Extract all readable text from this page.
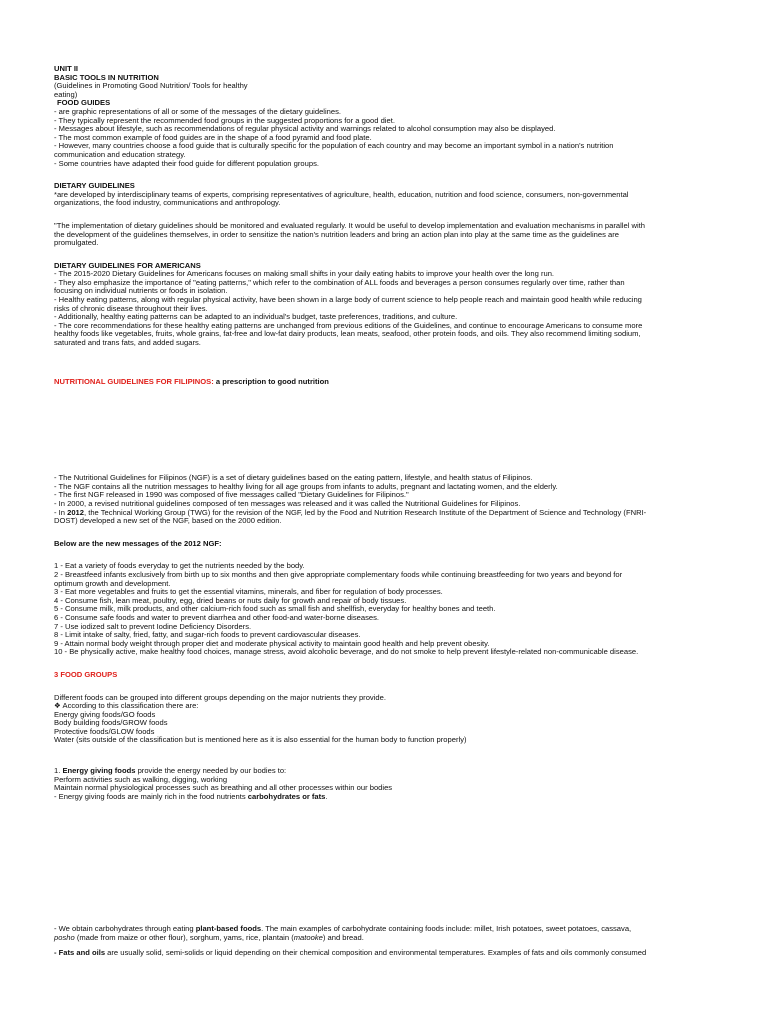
UNIT II
BASIC TOOLS IN NUTRITION
(Guidelines in Promoting Good Nutrition/ Tools for healthy
eating)
FOOD GUIDES
- are graphic representations of all or some of the messages of the dietary guidelines.
- They typically represent the recommended food groups in the suggested proportions for a good diet.
- Messages about lifestyle, such as recommendations of regular physical activity and warnings related to alcohol consumption may also be displayed.
- The most common example of food guides are in the shape of a food pyramid and food plate.
- However, many countries choose a food guide that is culturally specific for the population of each country and may become an important symbol in a nation's nutrition
communication and education strategy.
- Some countries have adapted their food guide for different population groups.
DIETARY GUIDELINES
*are developed by interdisciplinary teams of experts, comprising representatives of agriculture, health, education, nutrition and food science, consumers, non-governmental
organizations, the food industry, communications and anthropology.
"The implementation of dietary guidelines should be monitored and evaluated regularly. It would be useful to develop implementation and evaluation mechanisms in parallel with
the development of the guidelines themselves, in order to sensitize the nation's nutrition leaders and bring an action plan into play at the same time as the guidelines are
promulgated.
DIETARY GUIDELINES FOR AMERICANS
- The 2015-2020 Dietary Guidelines for Americans focuses on making small shifts in your daily eating habits to improve your health over the long run.
- They also emphasize the importance of "eating patterns," which refer to the combination of ALL foods and beverages a person consumes regularly over time, rather than
focusing on individual nutrients or foods in isolation.
- Healthy eating patterns, along with regular physical activity, have been shown in a large body of current science to help people reach and maintain good health while reducing
risks of chronic disease throughout their lives.
- Additionally, healthy eating patterns can be adapted to an individual's budget, taste preferences, traditions, and culture.
- The core recommendations for these healthy eating patterns are unchanged from previous editions of the Guidelines, and continue to encourage Americans to consume more
healthy foods like vegetables, fruits, whole grains, fat-free and low-fat dairy products, lean meats, seafood, other protein foods, and oils. They also recommend limiting sodium,
saturated and trans fats, and added sugars.
NUTRITIONAL GUIDELINES FOR FILIPINOS: a prescription to good nutrition
- The Nutritional Guidelines for Filipinos (NGF) is a set of dietary guidelines based on the eating pattern, lifestyle, and health status of Filipinos.
- The NGF contains all the nutrition messages to healthy living for all age groups from infants to adults, pregnant and lactating women, and the elderly.
- The first NGF released in 1990 was composed of five messages called "Dietary Guidelines for Filipinos."
- In 2000, a revised nutritional guidelines composed of ten messages was released and it was called the Nutritional Guidelines for Filipinos.
- In 2012, the Technical Working Group (TWG) for the revision of the NGF, led by the Food and Nutrition Research Institute of the Department of Science and Technology (FNRI-
DOST) developed a new set of the NGF, based on the 2000 edition.
Below are the new messages of the 2012 NGF:
1 - Eat a variety of foods everyday to get the nutrients needed by the body.
2 - Breastfeed infants exclusively from birth up to six months and then give appropriate complementary foods while continuing breastfeeding for two years and beyond for
optimum growth and development.
3 - Eat more vegetables and fruits to get the essential vitamins, minerals, and fiber for regulation of body processes.
4 - Consume fish, lean meat, poultry, egg, dried beans or nuts daily for growth and repair of body tissues.
5 - Consume milk, milk products, and other calcium-rich food such as small fish and shellfish, everyday for healthy bones and teeth.
6 - Consume safe foods and water to prevent diarrhea and other food-and water-borne diseases.
7 - Use iodized salt to prevent Iodine Deficiency Disorders.
8 - Limit intake of salty, fried, fatty, and sugar-rich foods to prevent cardiovascular diseases.
9 - Attain normal body weight through proper diet and moderate physical activity to maintain good health and help prevent obesity.
10 - Be physically active, make healthy food choices, manage stress, avoid alcoholic beverage, and do not smoke to help prevent lifestyle-related non-communicable disease.
3 FOOD GROUPS
Different foods can be grouped into different groups depending on the major nutrients they provide.
❖ According to this classification there are:
Energy giving foods/GO foods
Body building foods/GROW foods
Protective foods/GLOW foods
Water (sits outside of the classification but is mentioned here as it is also essential for the human body to function properly)
1. Energy giving foods provide the energy needed by our bodies to:
Perform activities such as walking, digging, working
Maintain normal physiological processes such as breathing and all other processes within our bodies
- Energy giving foods are mainly rich in the food nutrients carbohydrates or fats.
- We obtain carbohydrates through eating plant-based foods. The main examples of carbohydrate containing foods include: millet, Irish potatoes, sweet potatoes, cassava,
posho (made from maize or other flour), sorghum, yams, rice, plantain (matooke) and bread.
- Fats and oils are usually solid, semi-solids or liquid depending on their chemical composition and environmental temperatures. Examples of fats and oils commonly consumed
